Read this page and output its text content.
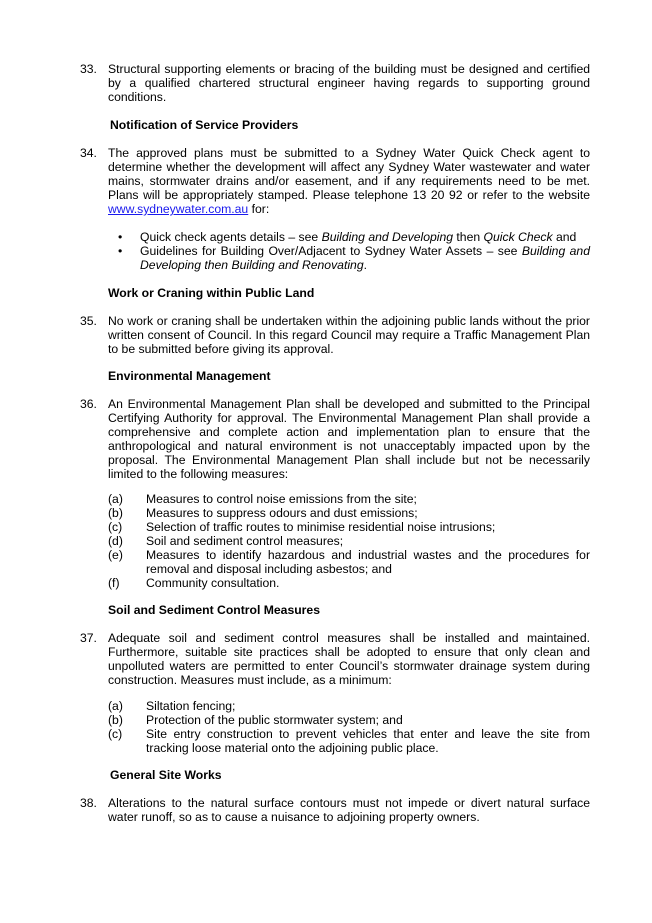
33. Structural supporting elements or bracing of the building must be designed and certified by a qualified chartered structural engineer having regards to supporting ground conditions.
Notification of Service Providers
34. The approved plans must be submitted to a Sydney Water Quick Check agent to determine whether the development will affect any Sydney Water wastewater and water mains, stormwater drains and/or easement, and if any requirements need to be met. Plans will be appropriately stamped. Please telephone 13 20 92 or refer to the website www.sydneywater.com.au for:
• Quick check agents details – see Building and Developing then Quick Check and
• Guidelines for Building Over/Adjacent to Sydney Water Assets – see Building and Developing then Building and Renovating.
Work or Craning within Public Land
35. No work or craning shall be undertaken within the adjoining public lands without the prior written consent of Council. In this regard Council may require a Traffic Management Plan to be submitted before giving its approval.
Environmental Management
36. An Environmental Management Plan shall be developed and submitted to the Principal Certifying Authority for approval. The Environmental Management Plan shall provide a comprehensive and complete action and implementation plan to ensure that the anthropological and natural environment is not unacceptably impacted upon by the proposal. The Environmental Management Plan shall include but not be necessarily limited to the following measures:
(a) Measures to control noise emissions from the site;
(b) Measures to suppress odours and dust emissions;
(c) Selection of traffic routes to minimise residential noise intrusions;
(d) Soil and sediment control measures;
(e) Measures to identify hazardous and industrial wastes and the procedures for removal and disposal including asbestos; and
(f) Community consultation.
Soil and Sediment Control Measures
37. Adequate soil and sediment control measures shall be installed and maintained. Furthermore, suitable site practices shall be adopted to ensure that only clean and unpolluted waters are permitted to enter Council’s stormwater drainage system during construction. Measures must include, as a minimum:
(a) Siltation fencing;
(b) Protection of the public stormwater system; and
(c) Site entry construction to prevent vehicles that enter and leave the site from tracking loose material onto the adjoining public place.
General Site Works
38. Alterations to the natural surface contours must not impede or divert natural surface water runoff, so as to cause a nuisance to adjoining property owners.
